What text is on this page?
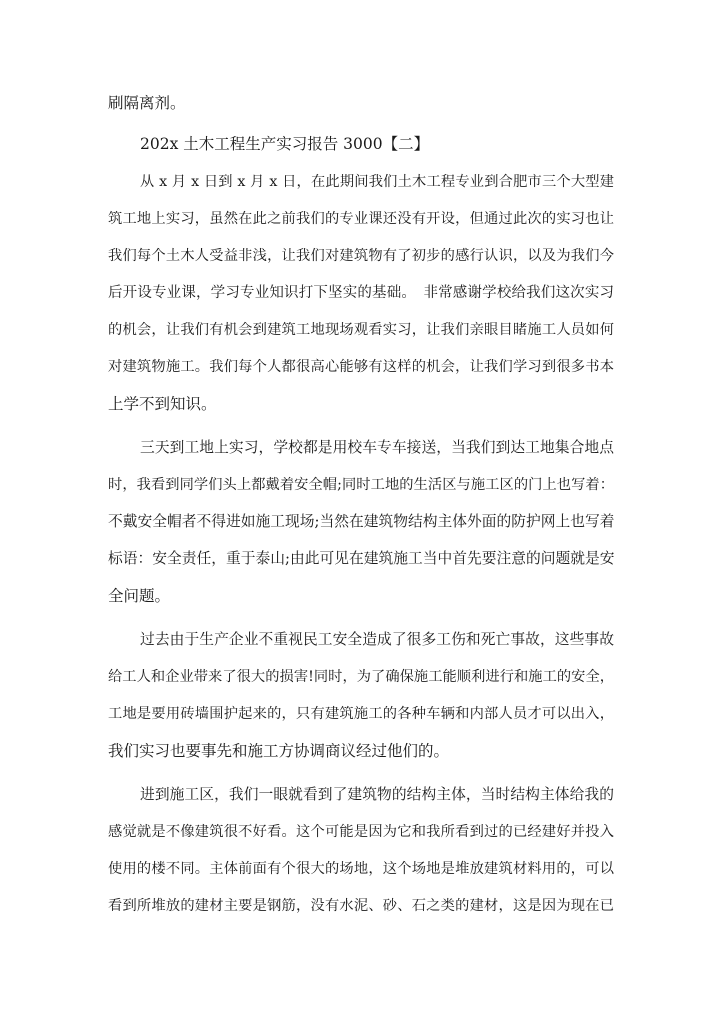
刷隔离剂。
202x 土木工程生产实习报告 3000【二】
从 x 月 x 日到 x 月 x 日，在此期间我们土木工程专业到合肥市三个大型建
筑工地上实习，虽然在此之前我们的专业课还没有开设，但通过此次的实习也让
我们每个土木人受益非浅，让我们对建筑物有了初步的感行认识，以及为我们今
后开设专业课，学习专业知识打下坚实的基础。　非常感谢学校给我们这次实习
的机会，让我们有机会到建筑工地现场观看实习，让我们亲眼目睹施工人员如何
对建筑物施工。我们每个人都很高心能够有这样的机会，让我们学习到很多书本
上学不到知识。
三天到工地上实习，学校都是用校车专车接送，当我们到达工地集合地点
时，我看到同学们头上都戴着安全帽;同时工地的生活区与施工区的门上也写着：
不戴安全帽者不得进如施工现场;当然在建筑物结构主体外面的防护网上也写着
标语：安全责任，重于泰山;由此可见在建筑施工当中首先要注意的问题就是安
全问题。
过去由于生产企业不重视民工安全造成了很多工伤和死亡事故，这些事故
给工人和企业带来了很大的损害!同时，为了确保施工能顺利进行和施工的安全，
工地是要用砖墙围护起来的，只有建筑施工的各种车辆和内部人员才可以出入，
我们实习也要事先和施工方协调商议经过他们的。
进到施工区，我们一眼就看到了建筑物的结构主体，当时结构主体给我的
感觉就是不像建筑很不好看。这个可能是因为它和我所看到过的已经建好并投入
使用的楼不同。主体前面有个很大的场地，这个场地是堆放建筑材料用的，可以
看到所堆放的建材主要是钢筋，没有水泥、砂、石之类的建材，这是因为现在已
